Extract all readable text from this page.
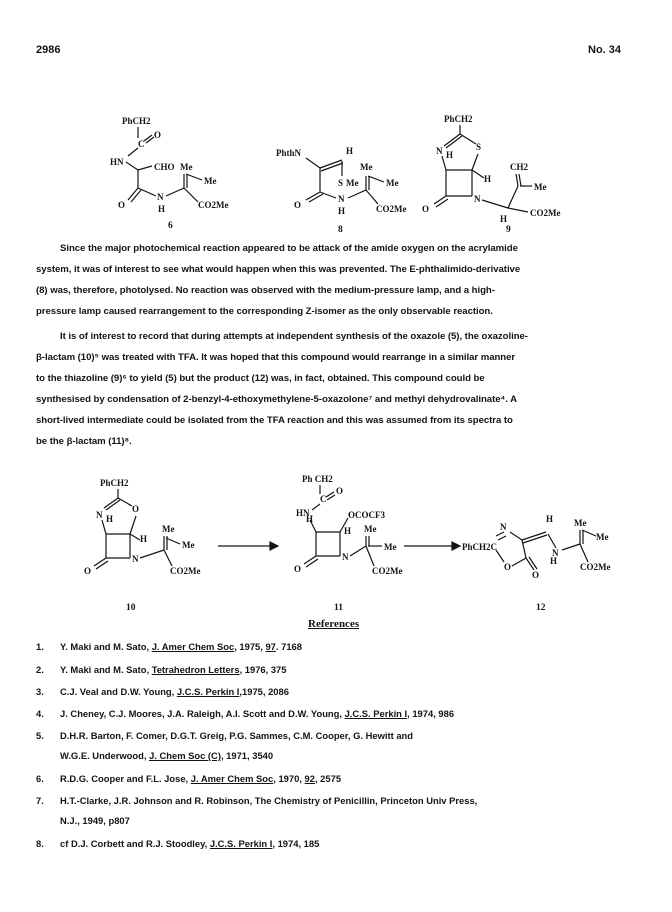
2986	No. 34
PhCH2
C
O
HN	CHO
O
N
H
Me
Me
CO2Me
6
PhthN	H
S Me
O
N
H
Me
Me
CO2Me
8
PhCH2
N H
S
H
O
N
CH2
Me
CO2Me
H
9
Since the major photochemical reaction appeared to be attack of the amide oxygen on the acrylamide
system, it was of interest to see what would happen when this was prevented. The E-phthalimido-derivative
(8) was, therefore, photolysed. No reaction was observed with the medium-pressure lamp, and a high-
pressure lamp caused rearrangement to the corresponding Z-isomer as the only observable reaction.
It is of interest to record that during attempts at independent synthesis of the oxazole (5), the oxazoline-
β-lactam (10)⁵ was treated with TFA. It was hoped that this compound would rearrange in a similar manner
to the thiazoline (9)⁶ to yield (5) but the product (12) was, in fact, obtained. This compound could be
synthesised by condensation of 2-benzyl-4-ethoxymethylene-5-oxazolone⁷ and methyl dehydrovalinate⁴. A
short-lived intermediate could be isolated from the TFA reaction and this was assumed from its spectra to
be the β-lactam (11)⁸.
PhCH2
N H
O
H
O
N
Me
Me
CO2Me
10
Ph CH2
C
O
HN
H	OCOCF3
H
O
N
Me
Me
CO2Me
11
N
PhCH2C
O
O
H
N
H
Me
Me
CO2Me
12
References
1. Y. Maki and M. Sato, J. Amer Chem Soc, 1975, 97. 7168
2. Y. Maki and M. Sato, Tetrahedron Letters, 1976, 375
3. C.J. Veal and D.W. Young, J.C.S. Perkin I,1975, 2086
4. J. Cheney, C.J. Moores, J.A. Raleigh, A.I. Scott and D.W. Young, J.C.S. Perkin I, 1974, 986
5. D.H.R. Barton, F. Comer, D.G.T. Greig, P.G. Sammes, C.M. Cooper, G. Hewitt and
W.G.E. Underwood, J. Chem Soc (C), 1971, 3540
6. R.D.G. Cooper and F.L. Jose, J. Amer Chem Soc, 1970, 92, 2575
7. H.T.-Clarke, J.R. Johnson and R. Robinson, The Chemistry of Penicillin, Princeton Univ Press,
N.J., 1949, p807
8. cf D.J. Corbett and R.J. Stoodley, J.C.S. Perkin I, 1974, 185
